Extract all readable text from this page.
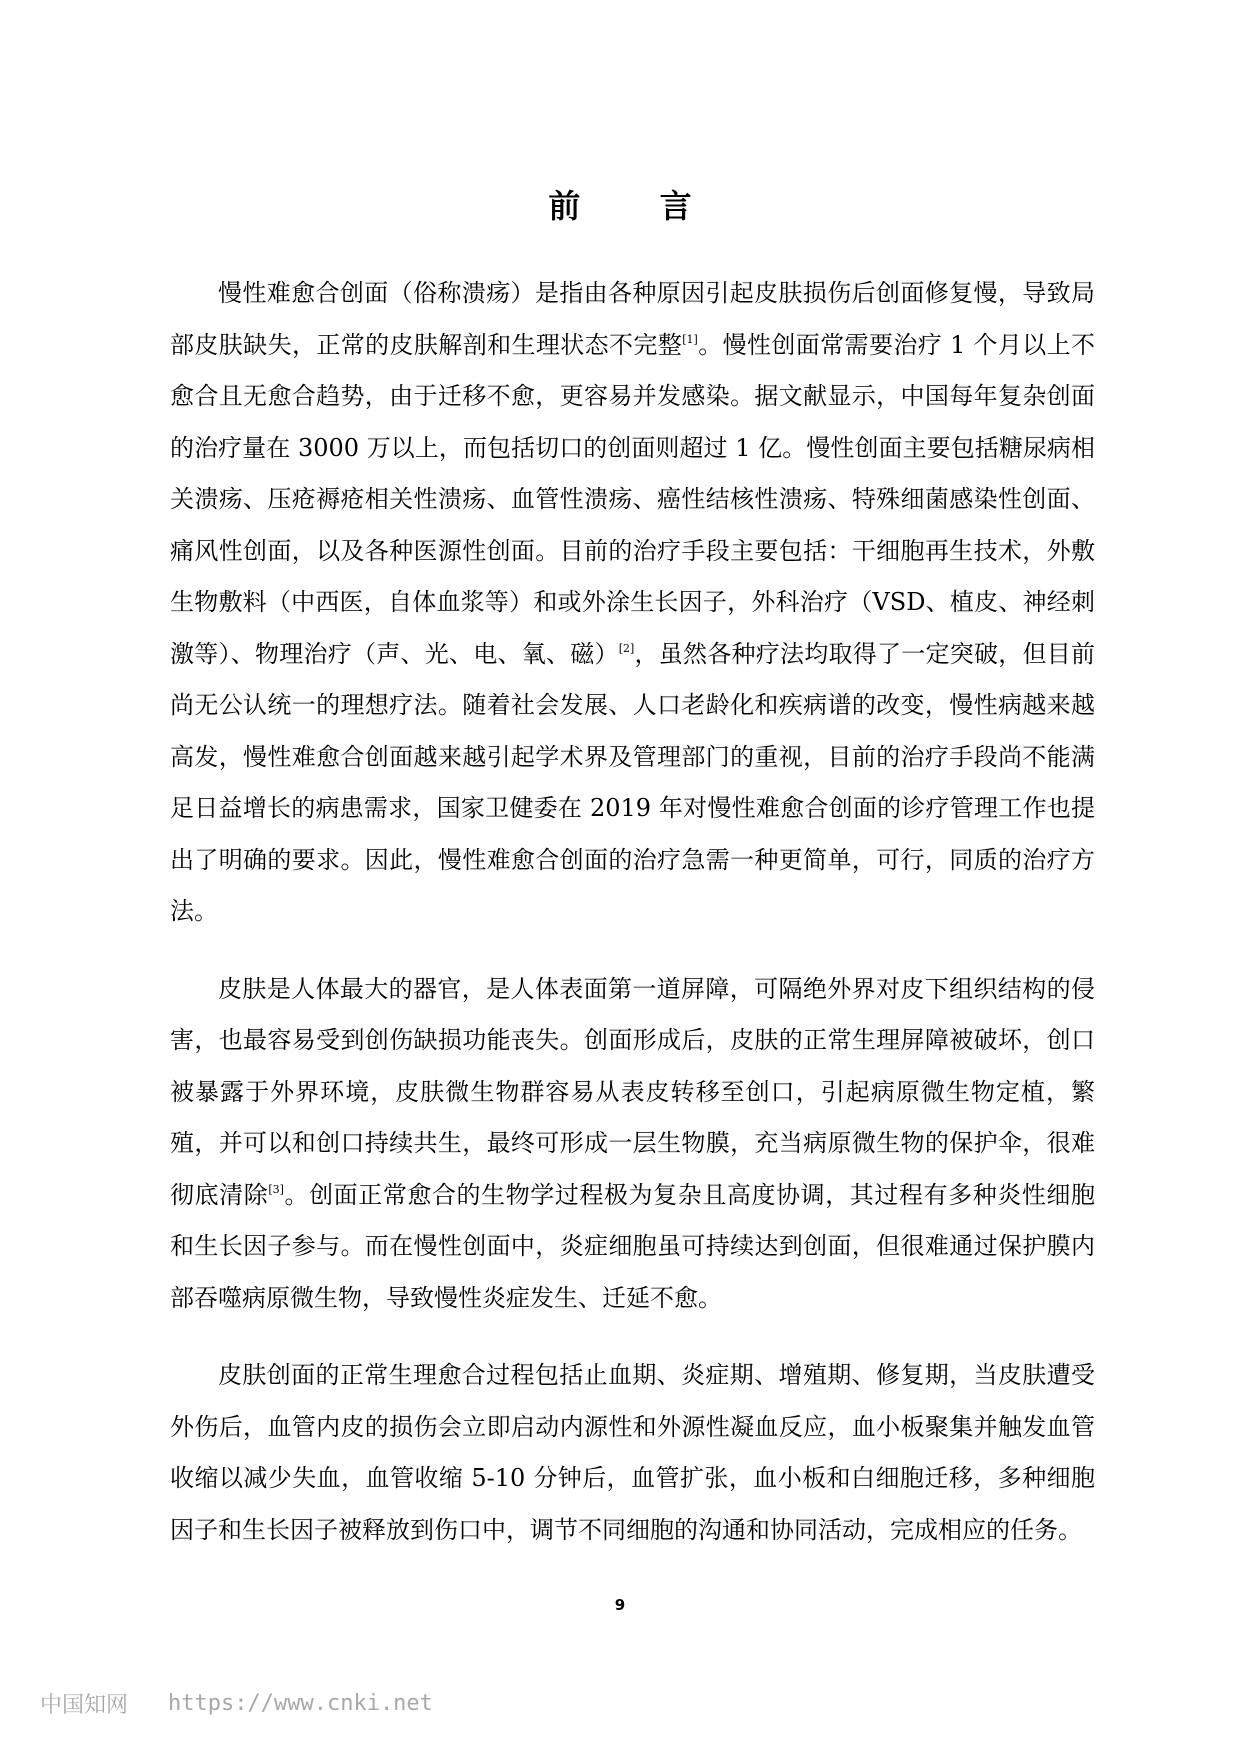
前 言

慢性难愈合创面（俗称溃疡）是指由各种原因引起皮肤损伤后创面修复慢，导致局部皮肤缺失，正常的皮肤解剖和生理状态不完整[1]。慢性创面常需要治疗 1 个月以上不愈合且无愈合趋势，由于迁移不愈，更容易并发感染。据文献显示，中国每年复杂创面的治疗量在 3000 万以上，而包括切口的创面则超过 1 亿。慢性创面主要包括糖尿病相关溃疡、压疮褥疮相关性溃疡、血管性溃疡、癌性结核性溃疡、特殊细菌感染性创面、痛风性创面，以及各种医源性创面。目前的治疗手段主要包括：干细胞再生技术，外敷生物敷料（中西医，自体血浆等）和或外涂生长因子，外科治疗（VSD、植皮、神经刺激等）、物理治疗（声、光、电、氧、磁）[2]，虽然各种疗法均取得了一定突破，但目前尚无公认统一的理想疗法。随着社会发展、人口老龄化和疾病谱的改变，慢性病越来越高发，慢性难愈合创面越来越引起学术界及管理部门的重视，目前的治疗手段尚不能满足日益增长的病患需求，国家卫健委在 2019 年对慢性难愈合创面的诊疗管理工作也提出了明确的要求。因此，慢性难愈合创面的治疗急需一种更简单，可行，同质的治疗方法。

皮肤是人体最大的器官，是人体表面第一道屏障，可隔绝外界对皮下组织结构的侵害，也最容易受到创伤缺损功能丧失。创面形成后，皮肤的正常生理屏障被破坏，创口被暴露于外界环境，皮肤微生物群容易从表皮转移至创口，引起病原微生物定植，繁殖，并可以和创口持续共生，最终可形成一层生物膜，充当病原微生物的保护伞，很难彻底清除[3]。创面正常愈合的生物学过程极为复杂且高度协调，其过程有多种炎性细胞和生长因子参与。而在慢性创面中，炎症细胞虽可持续达到创面，但很难通过保护膜内部吞噬病原微生物，导致慢性炎症发生、迁延不愈。

皮肤创面的正常生理愈合过程包括止血期、炎症期、增殖期、修复期，当皮肤遭受外伤后，血管内皮的损伤会立即启动内源性和外源性凝血反应，血小板聚集并触发血管收缩以减少失血，血管收缩 5-10 分钟后，血管扩张，血小板和白细胞迁移，多种细胞因子和生长因子被释放到伤口中，调节不同细胞的沟通和协同活动，完成相应的任务。

9
中国知网 https://www.cnki.net
